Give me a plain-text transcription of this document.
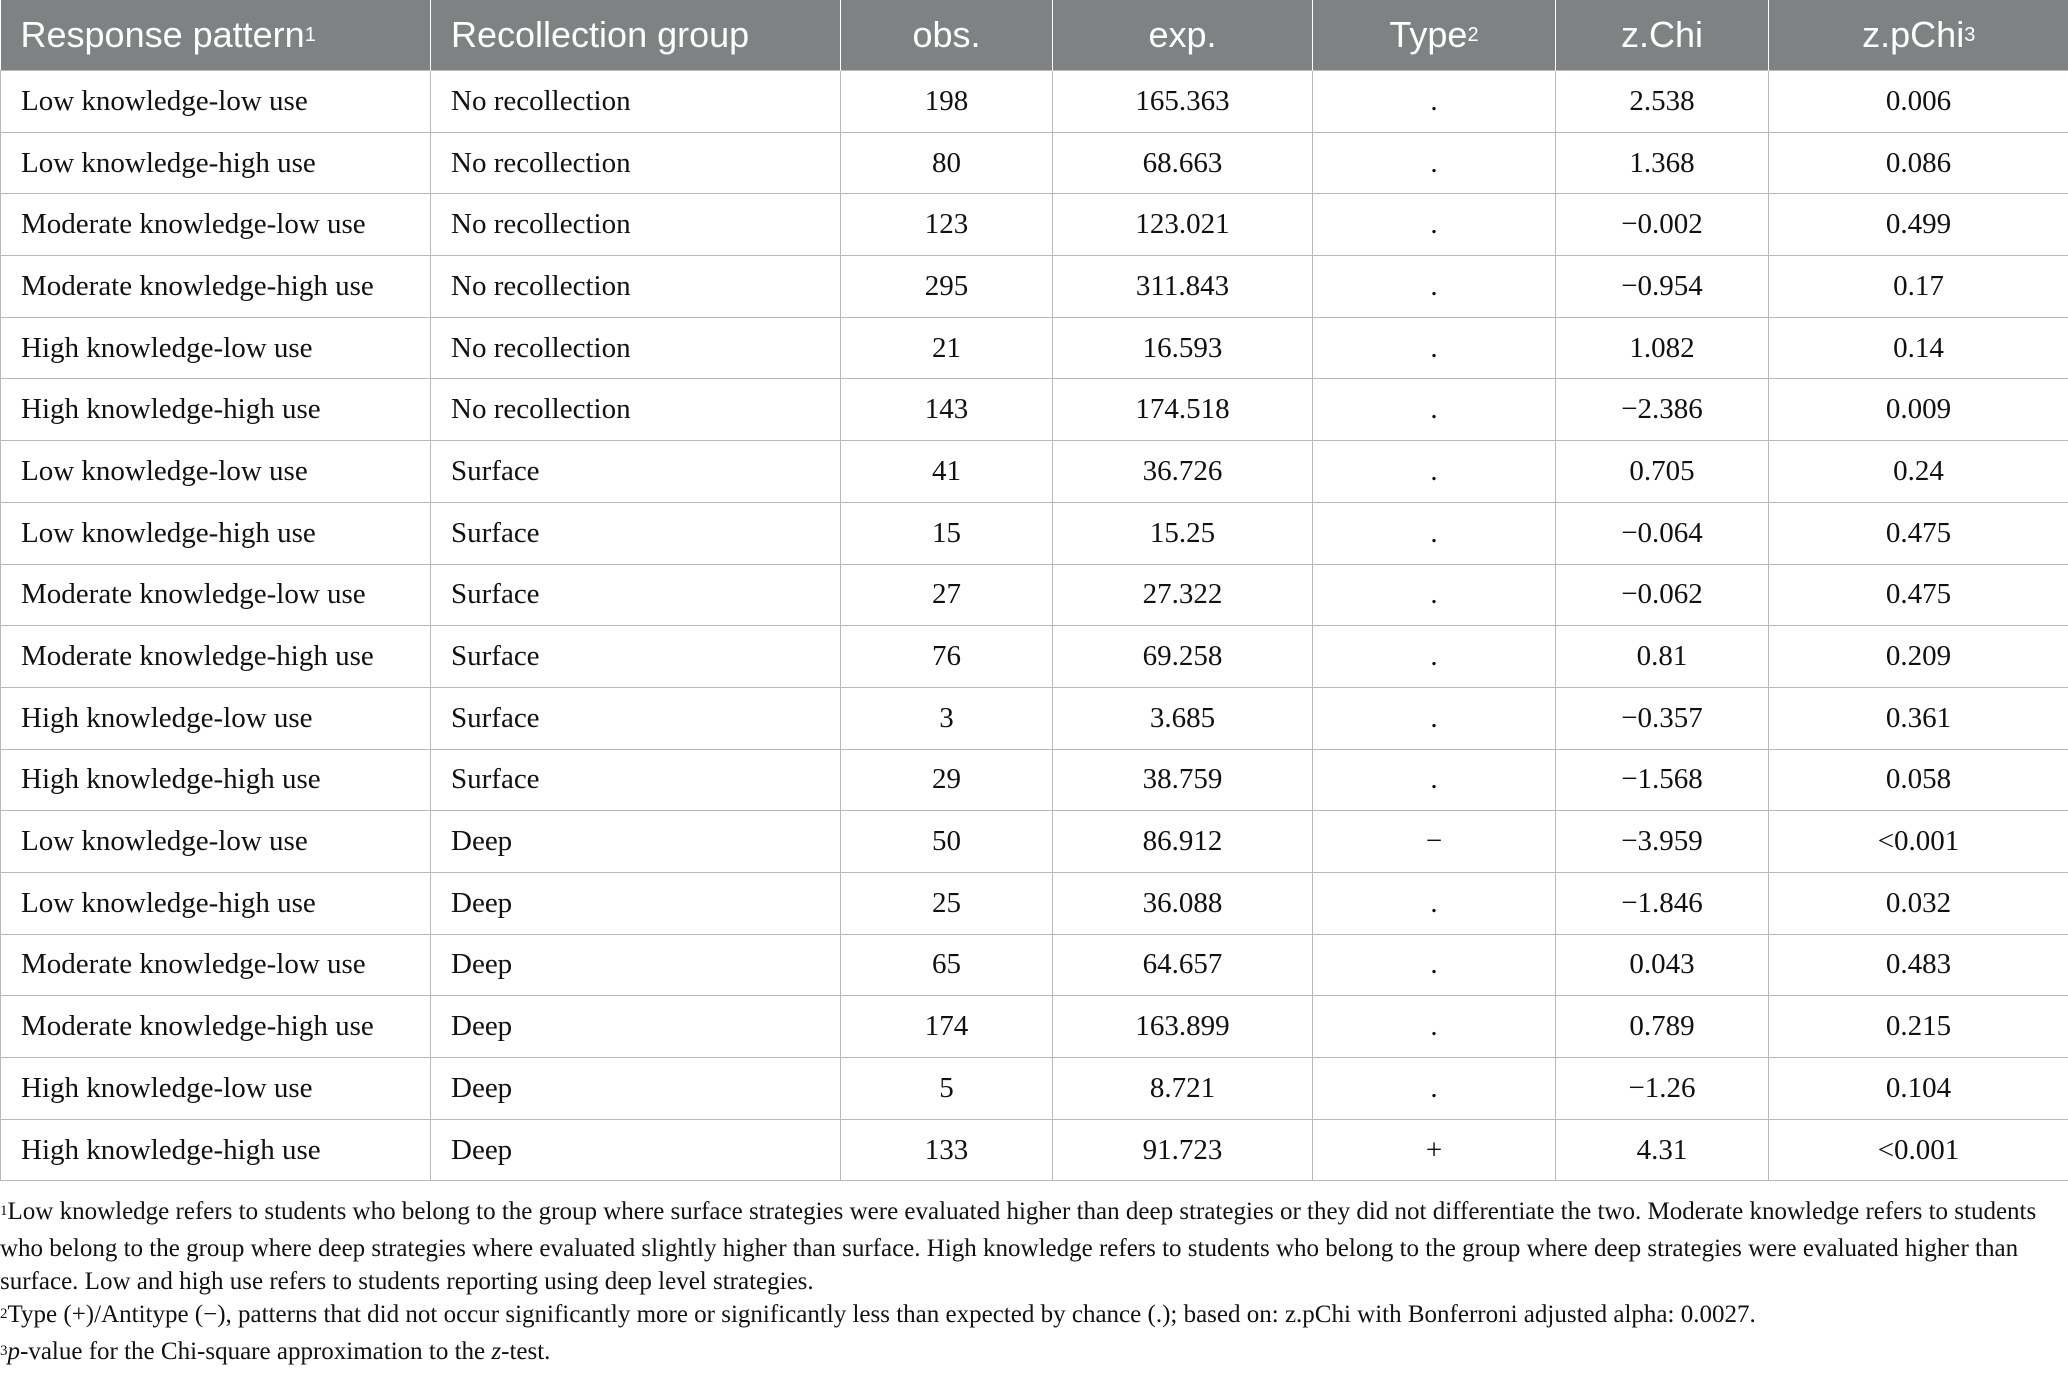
Response pattern$^1$	Recollection group	obs.	exp.	Type$^2$	z.Chi	z.pChi$^3$
Low knowledge-low use	No recollection	198	165.363	.	2.538	0.006
Low knowledge-high use	No recollection	80	68.663	.	1.368	0.086
Moderate knowledge-low use	No recollection	123	123.021	.	−0.002	0.499
Moderate knowledge-high use	No recollection	295	311.843	.	−0.954	0.17
High knowledge-low use	No recollection	21	16.593	.	1.082	0.14
High knowledge-high use	No recollection	143	174.518	.	−2.386	0.009
Low knowledge-low use	Surface	41	36.726	.	0.705	0.24
Low knowledge-high use	Surface	15	15.25	.	−0.064	0.475
Moderate knowledge-low use	Surface	27	27.322	.	−0.062	0.475
Moderate knowledge-high use	Surface	76	69.258	.	0.81	0.209
High knowledge-low use	Surface	3	3.685	.	−0.357	0.361
High knowledge-high use	Surface	29	38.759	.	−1.568	0.058
Low knowledge-low use	Deep	50	86.912	−	−3.959	<0.001
Low knowledge-high use	Deep	25	36.088	.	−1.846	0.032
Moderate knowledge-low use	Deep	65	64.657	.	0.043	0.483
Moderate knowledge-high use	Deep	174	163.899	.	0.789	0.215
High knowledge-low use	Deep	5	8.721	.	−1.26	0.104
High knowledge-high use	Deep	133	91.723	+	4.31	<0.001

$^1$Low knowledge refers to students who belong to the group where surface strategies were evaluated higher than deep strategies or they did not differentiate the two. Moderate knowledge refers to students who belong to the group where deep strategies where evaluated slightly higher than surface. High knowledge refers to students who belong to the group where deep strategies were evaluated higher than surface. Low and high use refers to students reporting using deep level strategies.

$^2$Type (+)/Antitype (−), patterns that did not occur significantly more or significantly less than expected by chance (.); based on: z.pChi with Bonferroni adjusted alpha: 0.0027.

$^3$p-value for the Chi-square approximation to the z-test.
